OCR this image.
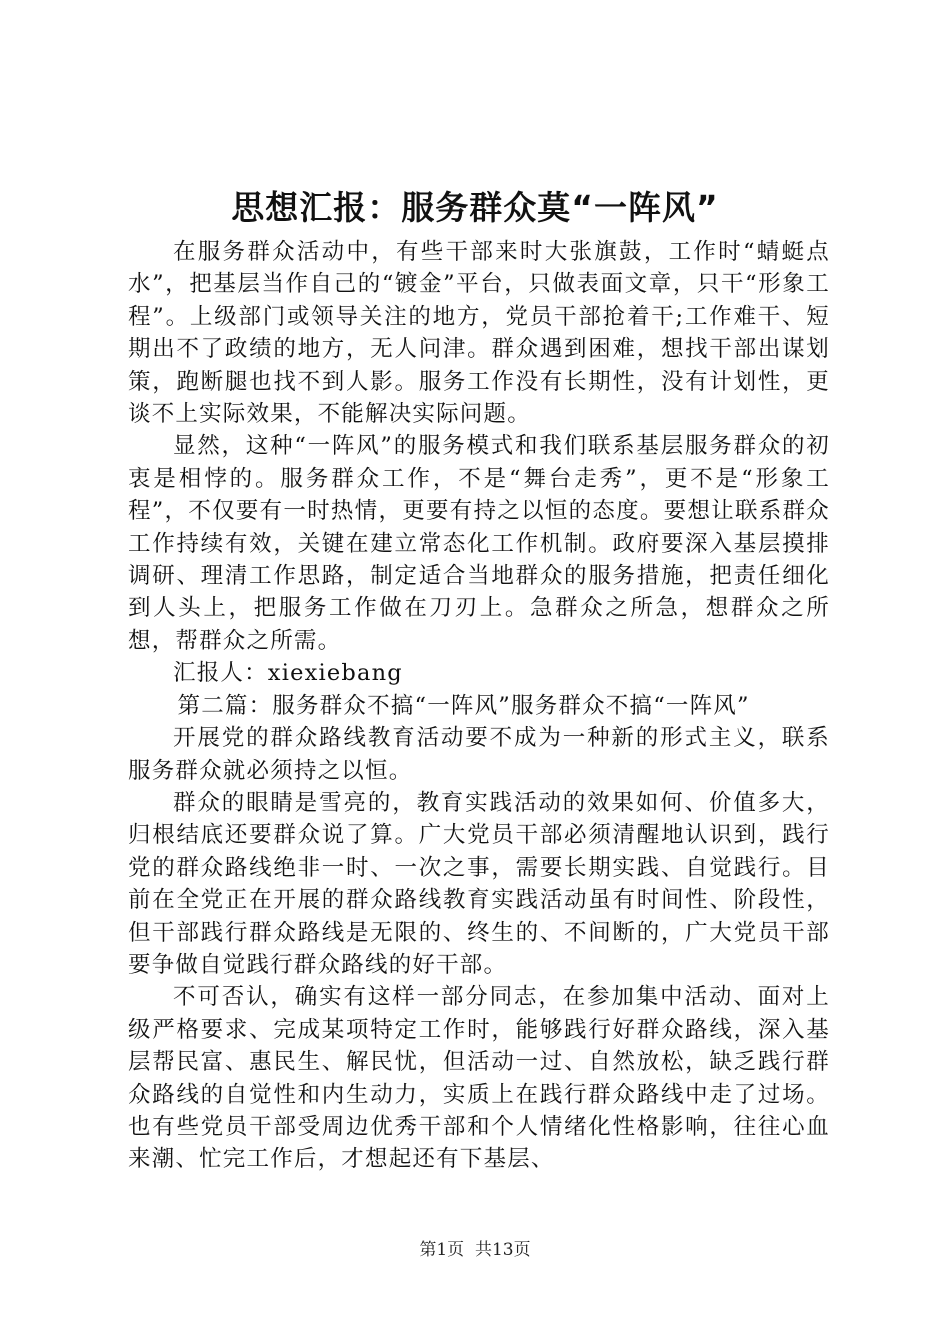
思想汇报：服务群众莫“一阵风”

在服务群众活动中，有些干部来时大张旗鼓，工作时“蜻蜓点水”，把基层当作自己的“镀金”平台，只做表面文章，只干“形象工程”。上级部门或领导关注的地方，党员干部抢着干;工作难干、短期出不了政绩的地方，无人问津。群众遇到困难，想找干部出谋划策，跑断腿也找不到人影。服务工作没有长期性，没有计划性，更谈不上实际效果，不能解决实际问题。

显然，这种“一阵风”的服务模式和我们联系基层服务群众的初衷是相悖的。服务群众工作，不是“舞台走秀”，更不是“形象工程”，不仅要有一时热情，更要有持之以恒的态度。要想让联系群众工作持续有效，关键在建立常态化工作机制。政府要深入基层摸排调研、理清工作思路，制定适合当地群众的服务措施，把责任细化到人头上，把服务工作做在刀刃上。急群众之所急，想群众之所想，帮群众之所需。

汇报人：xiexiebang

第二篇：服务群众不搞“一阵风”服务群众不搞“一阵风”

开展党的群众路线教育活动要不成为一种新的形式主义，联系服务群众就必须持之以恒。

群众的眼睛是雪亮的，教育实践活动的效果如何、价值多大，归根结底还要群众说了算。广大党员干部必须清醒地认识到，践行党的群众路线绝非一时、一次之事，需要长期实践、自觉践行。目前在全党正在开展的群众路线教育实践活动虽有时间性、阶段性，但干部践行群众路线是无限的、终生的、不间断的，广大党员干部要争做自觉践行群众路线的好干部。

不可否认，确实有这样一部分同志，在参加集中活动、面对上级严格要求、完成某项特定工作时，能够践行好群众路线，深入基层帮民富、惠民生、解民忧，但活动一过、自然放松，缺乏践行群众路线的自觉性和内生动力，实质上在践行群众路线中走了过场。也有些党员干部受周边优秀干部和个人情绪化性格影响，往往心血来潮、忙完工作后，才想起还有下基层、

第1页  共13页
